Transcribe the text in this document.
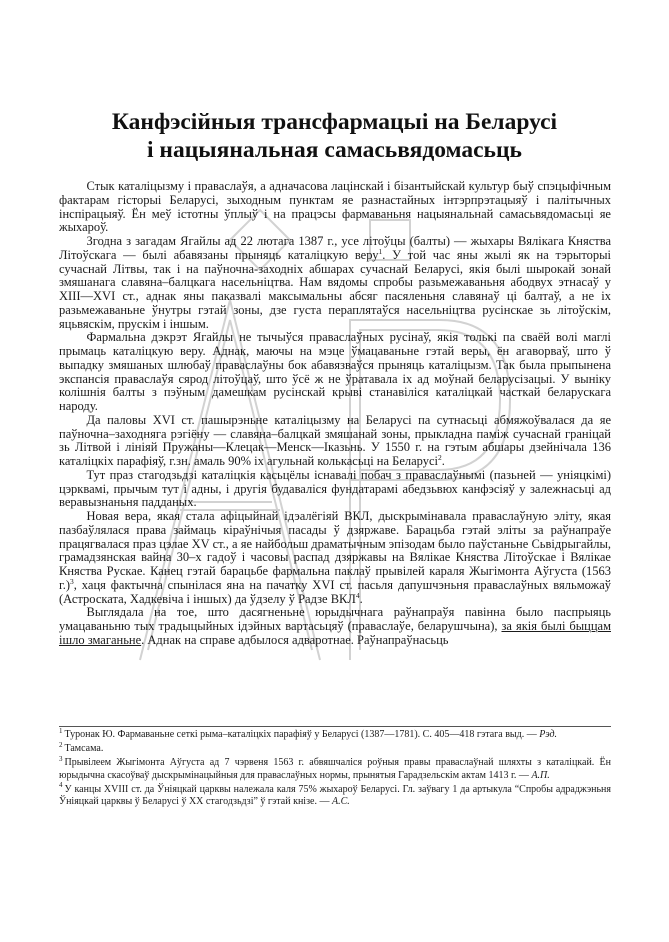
Канфэсійныя трансфармацыі на Беларусі
і нацыянальная самасьвядомасьць

Стык каталіцызму і праваслаўя, а адначасова лацінскай і бізантыйскай культур быў спэцыфічным фактарам гісторыі Беларусі, зыходным пунктам яе разнастайных інтэрпрэтацыяў і палітычных інспірацыяў. Ён меў істотны ўплыў і на працэсы фармаваньня нацыянальнай самасьвядомасьці яе жыхароў.

Згодна з загадам Ягайлы ад 22 лютага 1387 г., усе літоўцы (балты) — жыхары Вялікага Княства Літоўскага — былі абавязаны прыняць каталіцкую веру$^1$. У той час яны жылі як на тэрыторыі сучаснай Літвы, так і на паўночна-заходніх абшарах сучаснай Беларусі, якія былі шырокай зонай змяшанага славяна–балцкага насельніцтва. Нам вядомы спробы разьмежаваньня абодвух этнасаў у XIII—XVI ст., аднак яны паказвалі максымальны абсяг пасяленьня славянаў ці балтаў, а не іх разьмежаваньне ўнутры гэтай зоны, дзе густа пераплятаўся насельніцтва русінскае зь літоўскім, яцьвяскім, прускім і іншым.

Фармальна дэкрэт Ягайлы не тычыўся праваслаўных русінаў, якія толькі па сваёй волі маглі прымаць каталіцкую веру. Аднак, маючы на мэце ўмацаваньне гэтай веры, ён агаворваў, што ў выпадку змяшаных шлюбаў праваслаўны бок абавязваўся прыняць каталіцызм. Так была прыпынена экспансія праваслаўя сярод літоўцаў, што ўсё ж не ўратавала іх ад моўнай беларусізацыі. У выніку колішнія балты з пэўным дамешкам русінскай крыві станавіліся каталіцкай часткай беларускага народу.

Да паловы XVI ст. пашырэньне каталіцызму на Беларусі па сутнасьці абмяжоўвалася да яе паўночна–заходняга рэгіёну — славяна–балцкай змяшанай зоны, прыкладна паміж сучаснай граніцай зь Літвой і лініяй Пружаны—Клецак—Менск—Іказьнь. У 1550 г. на гэтым абшары дзейнічала 136 каталіцкіх парафіяў, г.зн. амаль 90% іх агульнай колькасьці на Беларусі$^2$.

Тут праз стагодзьдзі каталіцкія касьцёлы існавалі побач з праваслаўнымі (пазьней — уніяцкімі) цэрквамі, прычым тут і адны, і другія будаваліся фундатарамі абедзьвюх канфэсіяў у залежнасьці ад веравызнаньня падданых.

Новая вера, якая стала афіцыйнай ідэалёгіяй ВКЛ, дыскрымінавала праваслаўную эліту, якая пазбаўлялася права займаць кіраўнічыя пасады ў дзяржаве. Барацьба гэтай эліты за раўнапраўе працягвалася праз цэлае XV ст., а яе найбольш драматычным эпізодам было паўстаньне Сьвідрыгайлы, грамадзянская вайна 30–х гадоў і часовы распад дзяржавы на Вялікае Княства Літоўскае і Вялікае Княства Рускае. Канец гэтай барацьбе фармальна паклаў прывілей караля Жыгімонта Аўгуста (1563 г.)$^3$, хаця фактычна спынілася яна на пачатку XVI ст. пасьля дапушчэньня праваслаўных вяльможаў (Астроската, Хадкевіча і іншых) да ўдзелу ў Радзе ВКЛ$^4$.

Выглядала на тое, што дасягненьне юрыдычнага раўнапраўя павінна было паспрыяць умацаваньню тых традыцыйных ідэйных вартасьцяў (праваслаўе, беларушчына), за якія былі быццам ішло змаганьне. Аднак на справе адбылося адваротнае. Раўнапраўнасьць

$^1$ Туронак Ю. Фармаваньне сеткі рыма–каталіцкіх парафіяў у Беларусі (1387—1781). С. 405—418 гэтага выд. — Рэд.

$^2$ Тамсама.

$^3$ Прывілеем Жыгімонта Аўгуста ад 7 чэрвеня 1563 г. абвяшчаліся роўныя правы праваслаўнай шляхты з каталіцкай. Ён юрыдычна скасоўваў дыскрымінацыйныя для праваслаўных нормы, прынятыя Гарадзельскім актам 1413 г. — А.П.

$^4$ У канцы XVIII ст. да Ўніяцкай царквы належала каля 75% жыхароў Беларусі. Гл. заўвагу 1 да артыкула “Спробы адраджэньня Ўніяцкай царквы ў Беларусі ў XX стагодзьдзі” ў гэтай кнізе. — А.С.
